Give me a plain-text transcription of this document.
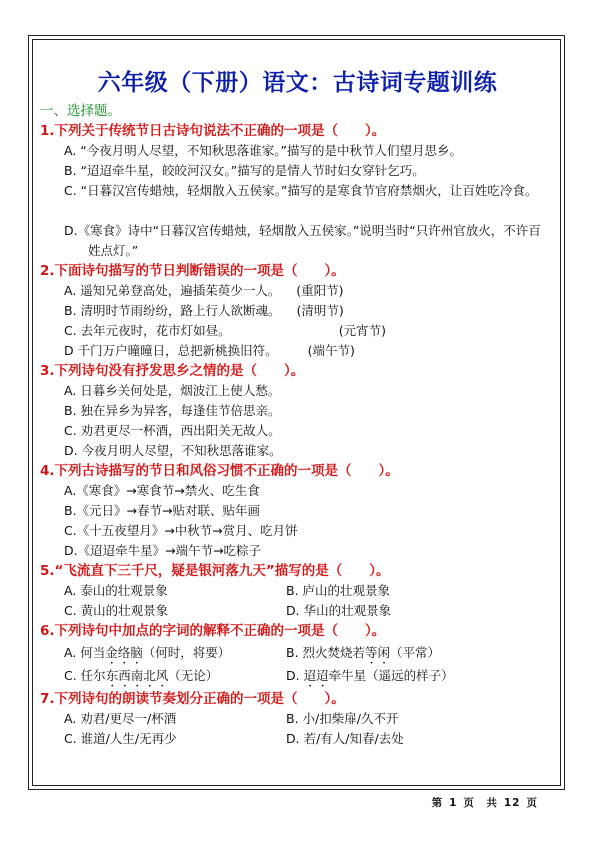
六年级（下册）语文：古诗词专题训练
一、选择题。
1.下列关于传统节日古诗句说法不正确的一项是（　　）。
A. “今夜月明人尽望，不知秋思落谁家。”描写的是中秋节人们望月思乡。
B. “迢迢牵牛星，皎皎河汉女。”描写的是情人节时妇女穿针乞巧。
C. “日暮汉宫传蜡烛，轻烟散入五侯家。”描写的是寒食节官府禁烟火，让百姓吃冷食。
D.《寒食》诗中“日暮汉宫传蜡烛，轻烟散入五侯家。”说明当时“只许州官放火，不许百姓点灯。”
2.下面诗句描写的节日判断错误的一项是（　　）。
A. 遥知兄弟登高处，遍插茱萸少一人。 (重阳节)
B. 清明时节雨纷纷，路上行人欲断魂。 (清明节)
C. 去年元夜时，花市灯如昼。	(元宵节)
D 千门万户曈曈日，总把新桃换旧符。 (端午节)
3.下列诗句没有抒发思乡之情的是（　　）。
A. 日暮乡关何处是，烟波江上使人愁。
B. 独在异乡为异客，每逢佳节倍思亲。
C. 劝君更尽一杯酒，西出阳关无故人。
D. 今夜月明人尽望，不知秋思落谁家。
4.下列古诗描写的节日和风俗习惯不正确的一项是（　　）。
A.《寒食》→寒食节→禁火、吃生食
B.《元日》→春节→贴对联、贴年画
C.《十五夜望月》→中秋节→赏月、吃月饼
D.《迢迢牵牛星》→端午节→吃粽子
5.“飞流直下三千尺，疑是银河落九天”描写的是（　　）。
A. 泰山的壮观景象	B. 庐山的壮观景象
C. 黄山的壮观景象	D. 华山的壮观景象
6.下列诗句中加点的字词的解释不正确的一项是（　　）。
A. 何当金络脑（何时，将要）	B. 烈火焚烧若等闲（平常）
C. 任尔东西南北风（无论）	D. 迢迢牵牛星（遥远的样子）
7.下列诗句的朗读节奏划分正确的一项是（　　）。
A. 劝君/更尽一/杯酒	B. 小/扣柴扉/久不开
C. 谁道/人生/无再少	D. 若/有人/知春/去处
第 1 页　共 12 页
